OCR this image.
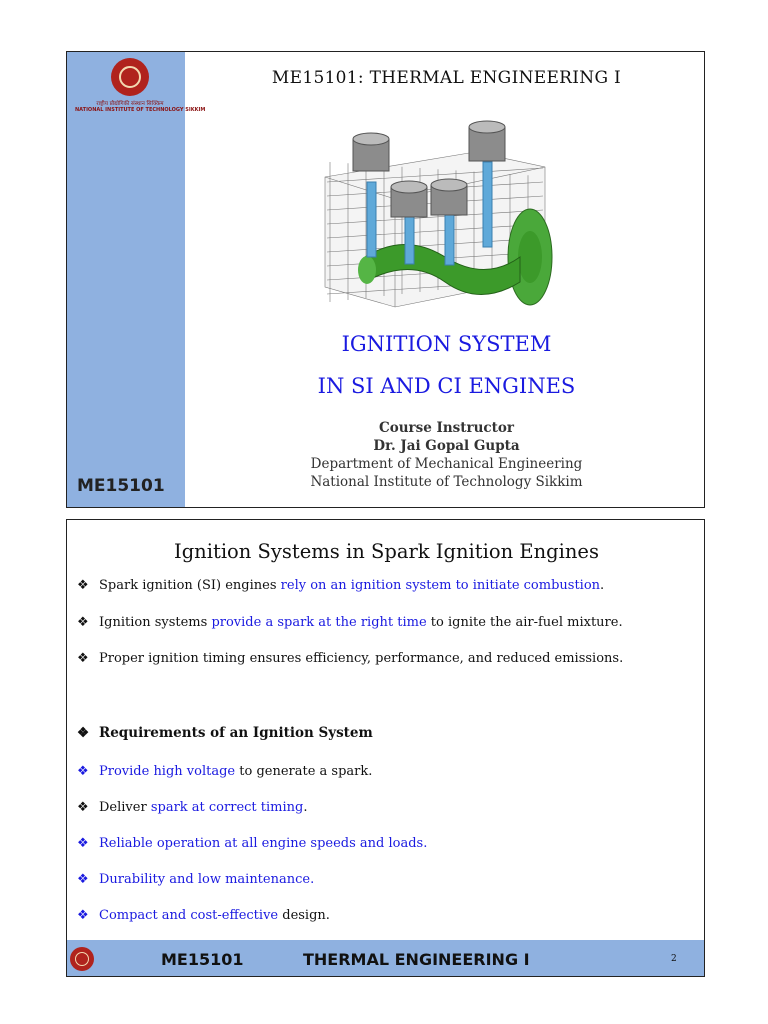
राष्ट्रीय प्रौद्योगिकी संस्थान सिक्किम
NATIONAL INSTITUTE OF TECHNOLOGY SIKKIM
ME15101
ME15101: THERMAL ENGINEERING I
IGNITION SYSTEM
IN SI AND CI ENGINES
Course Instructor
Dr. Jai Gopal Gupta
Department of Mechanical Engineering
National Institute of Technology Sikkim
Ignition Systems in Spark Ignition Engines
❖ Spark ignition (SI) engines rely on an ignition system to initiate combustion.
❖ Ignition systems provide a spark at the right time to ignite the air-fuel mixture.
❖ Proper ignition timing ensures efficiency, performance, and reduced emissions.
❖ Requirements of an Ignition System
❖ Provide high voltage to generate a spark.
❖ Deliver spark at correct timing.
❖ Reliable operation at all engine speeds and loads.
❖ Durability and low maintenance.
❖ Compact and cost-effective design.
ME15101	THERMAL ENGINEERING I	2
